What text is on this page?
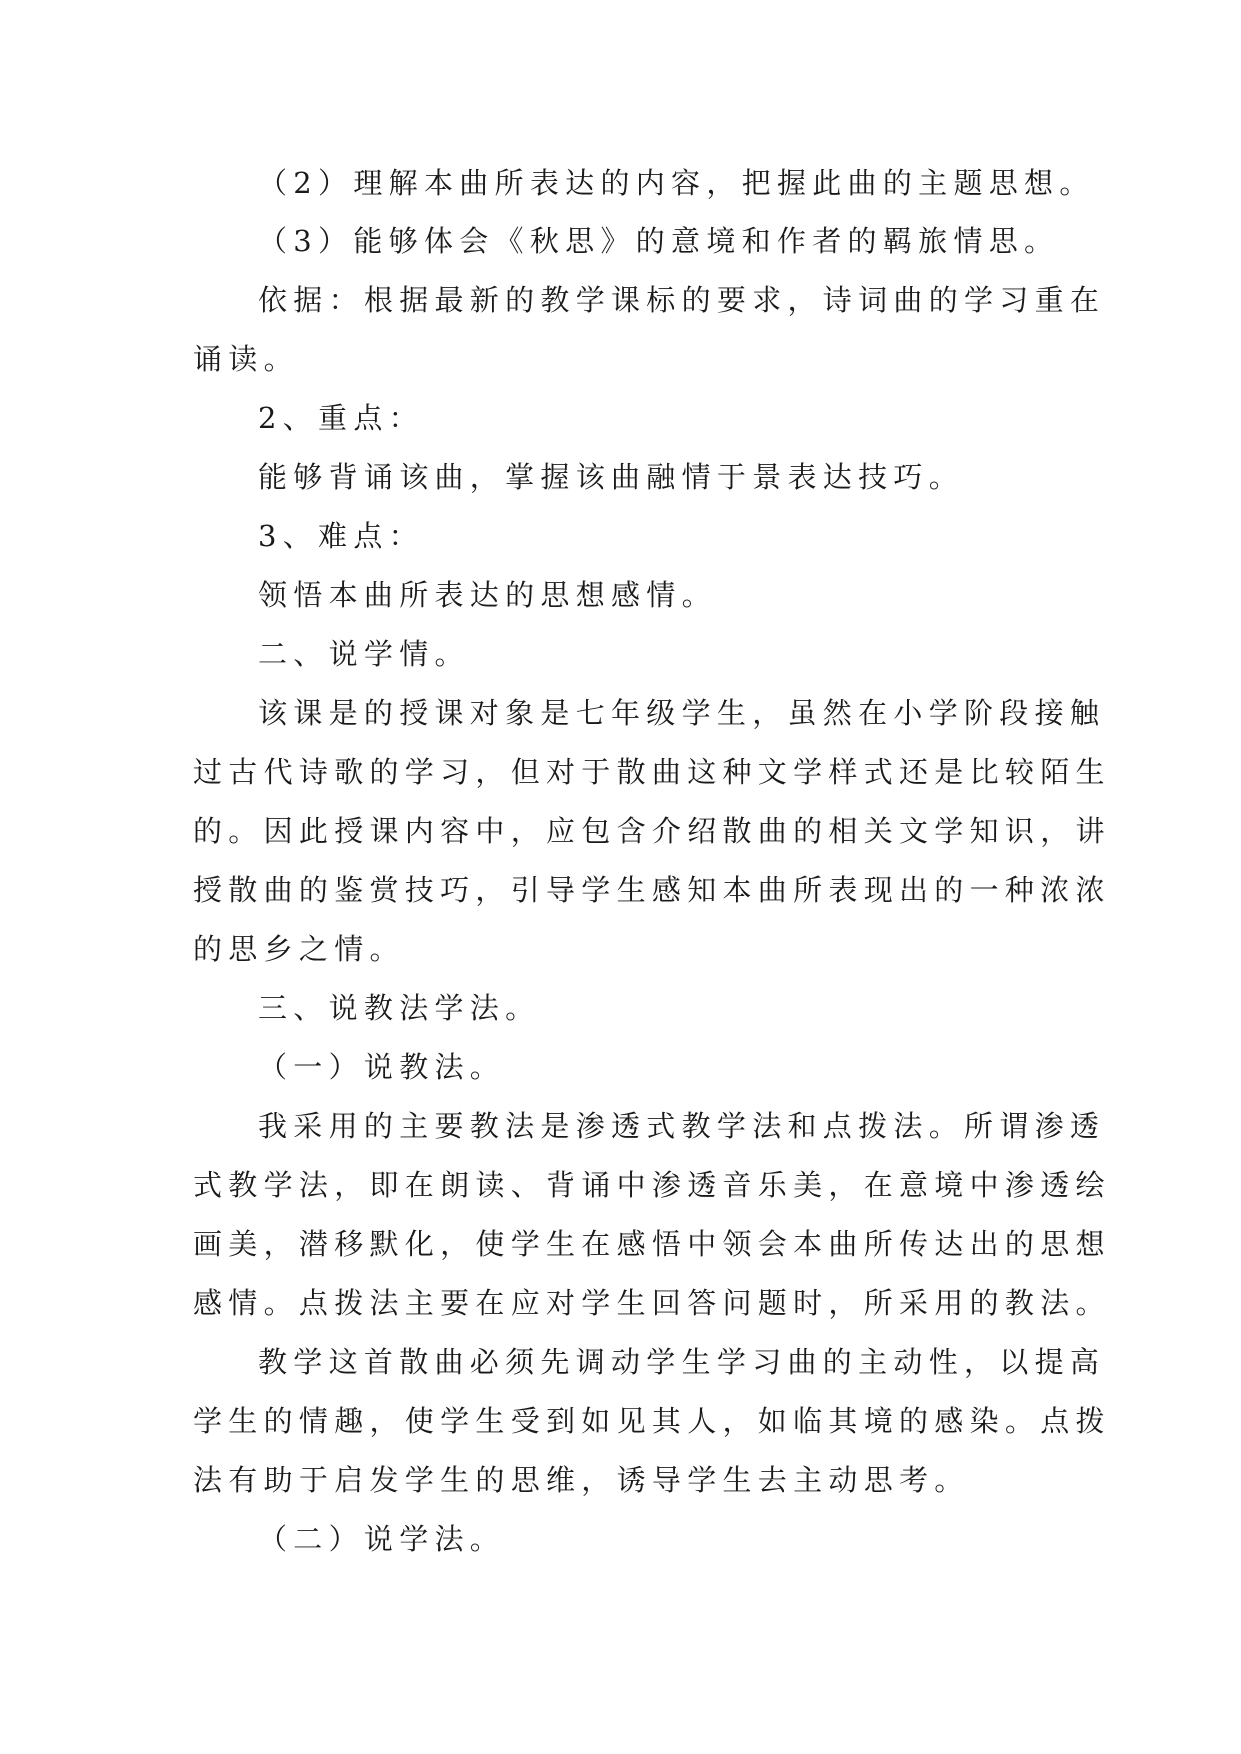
（2）理解本曲所表达的内容，把握此曲的主题思想。

（3）能够体会《秋思》的意境和作者的羁旅情思。

依据：根据最新的教学课标的要求，诗词曲的学习重在

诵读。

2、重点：

能够背诵该曲，掌握该曲融情于景表达技巧。

3、难点：

领悟本曲所表达的思想感情。

二、说学情。

该课是的授课对象是七年级学生，虽然在小学阶段接触

过古代诗歌的学习，但对于散曲这种文学样式还是比较陌生

的。因此授课内容中，应包含介绍散曲的相关文学知识，讲

授散曲的鉴赏技巧，引导学生感知本曲所表现出的一种浓浓

的思乡之情。

三、说教法学法。

（一）说教法。

我采用的主要教法是渗透式教学法和点拨法。所谓渗透

式教学法，即在朗读、背诵中渗透音乐美，在意境中渗透绘

画美，潜移默化，使学生在感悟中领会本曲所传达出的思想

感情。点拨法主要在应对学生回答问题时，所采用的教法。

教学这首散曲必须先调动学生学习曲的主动性，以提高

学生的情趣，使学生受到如见其人，如临其境的感染。点拨

法有助于启发学生的思维，诱导学生去主动思考。

（二）说学法。
